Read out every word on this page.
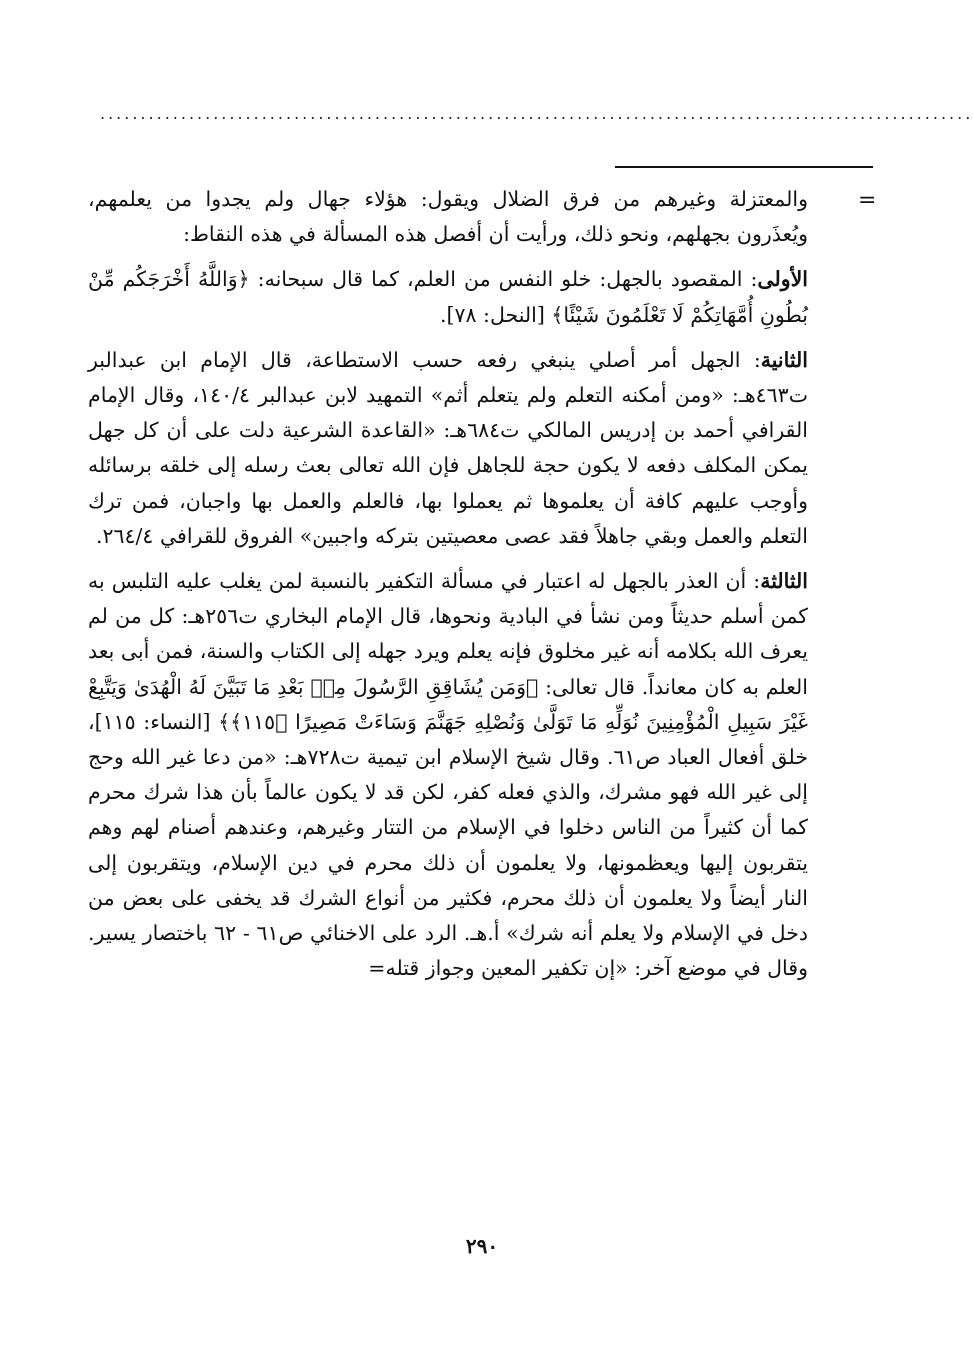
............................................................................................................
=

والمعتزلة وغيرهم من فرق الضلال ويقول: هؤلاء جهال ولم يجدوا من يعلمهم، ويُعذَرون بجهلهم، ونحو ذلك، ورأيت أن أفصل هذه المسألة في هذه النقاط:

الأولى: المقصود بالجهل: خلو النفس من العلم، كما قال سبحانه: ﴿وَاللَّهُ أَخْرَجَكُم مِّنْ بُطُونِ أُمَّهَاتِكُمْ لَا تَعْلَمُونَ شَيْئًا﴾ [النحل: ٧٨].

الثانية: الجهل أمر أصلي ينبغي رفعه حسب الاستطاعة، قال الإمام ابن عبدالبر ت٤٦٣هـ: «ومن أمكنه التعلم ولم يتعلم أثم» التمهيد لابن عبدالبر ١٤٠/٤، وقال الإمام القرافي أحمد بن إدريس المالكي ت٦٨٤هـ: «القاعدة الشرعية دلت على أن كل جهل يمكن المكلف دفعه لا يكون حجة للجاهل فإن الله تعالى بعث رسله إلى خلقه برسائله وأوجب عليهم كافة أن يعلموها ثم يعملوا بها، فالعلم والعمل بها واجبان، فمن ترك التعلم والعمل وبقي جاهلاً فقد عصى معصيتين بتركه واجبين» الفروق للقرافي ٢٦٤/٤.

الثالثة: أن العذر بالجهل له اعتبار في مسألة التكفير بالنسبة لمن يغلب عليه التلبس به كمن أسلم حديثاً ومن نشأ في البادية ونحوها، قال الإمام البخاري ت٢٥٦هـ: كل من لم يعرف الله بكلامه أنه غير مخلوق فإنه يعلم ويرد جهله إلى الكتاب والسنة، فمن أبى بعد العلم به كان معانداً. قال تعالى: ﴿وَمَن يُشَاقِقِ الرَّسُولَ مِنۢ بَعْدِ مَا تَبَيَّنَ لَهُ الْهُدَىٰ وَيَتَّبِعْ غَيْرَ سَبِيلِ الْمُؤْمِنِينَ نُوَلِّهِ مَا تَوَلَّىٰ وَنُصْلِهِ جَهَنَّمَ وَسَاءَتْ مَصِيرًا ﴿١١٥﴾﴾ [النساء: ١١٥]، خلق أفعال العباد ص٦١. وقال شيخ الإسلام ابن تيمية ت٧٢٨هـ: «من دعا غير الله وحج إلى غير الله فهو مشرك، والذي فعله كفر، لكن قد لا يكون عالماً بأن هذا شرك محرم كما أن كثيراً من الناس دخلوا في الإسلام من التتار وغيرهم، وعندهم أصنام لهم وهم يتقربون إليها ويعظمونها، ولا يعلمون أن ذلك محرم في دين الإسلام، ويتقربون إلى النار أيضاً ولا يعلمون أن ذلك محرم، فكثير من أنواع الشرك قد يخفى على بعض من دخل في الإسلام ولا يعلم أنه شرك» أ.هـ. الرد على الاخنائي ص٦١ - ٦٢ باختصار يسير. وقال في موضع آخر: «إن تكفير المعين وجواز قتله=

٢٩٠
